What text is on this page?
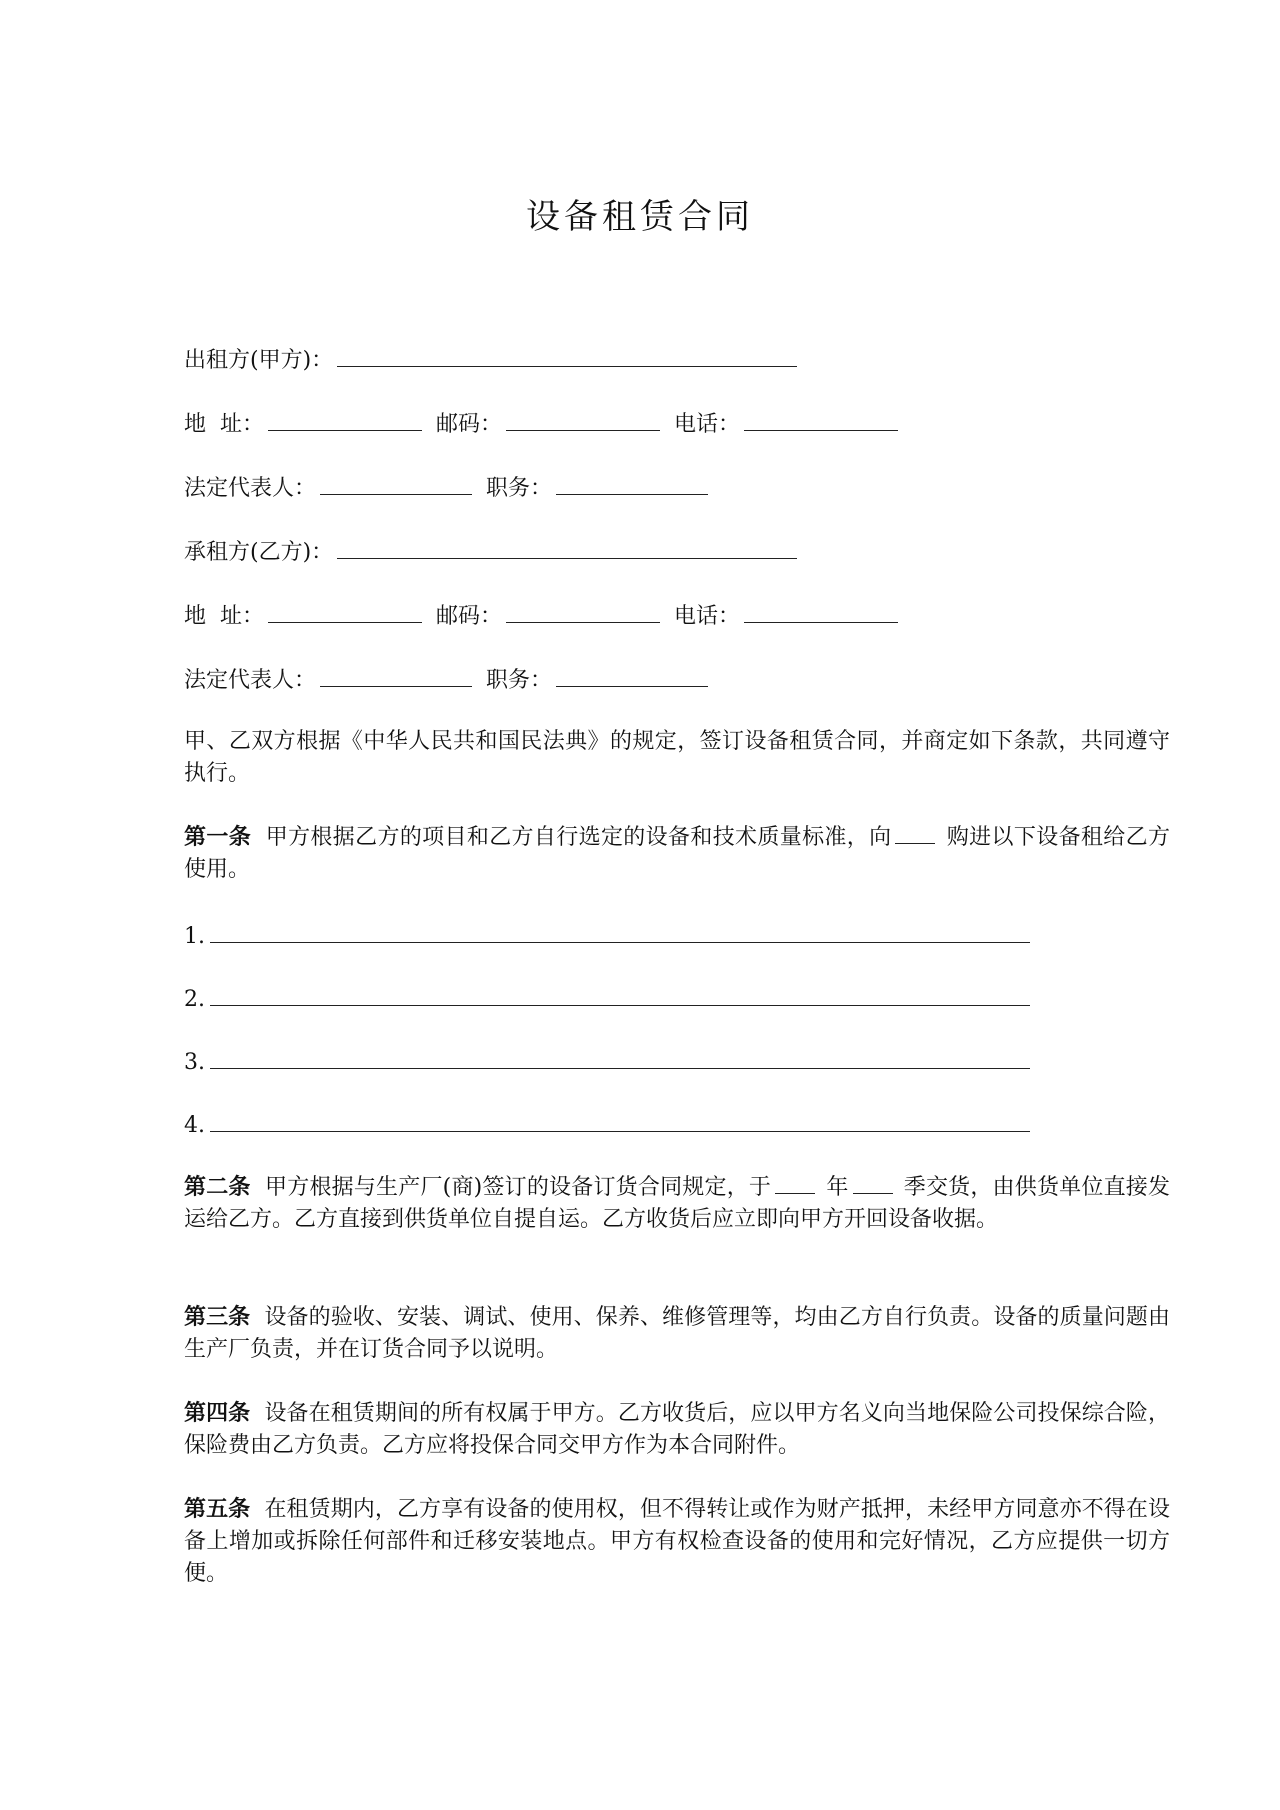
设备租赁合同
出租方(甲方)：
地  址：	邮码：	电话：
法定代表人：	职务：
承租方(乙方)：
地  址：	邮码：	电话：
法定代表人：	职务：
甲、乙双方根据《中华人民共和国民法典》的规定，签订设备租赁合同，并商定如下条款，共同遵守执行。
第一条 甲方根据乙方的项目和乙方自行选定的设备和技术质量标准，向	购进以下设备租给乙方使用。
1.
2.
3.
4.
第二条 甲方根据与生产厂(商)签订的设备订货合同规定，于	年	季交货，由供货单位直接发运给乙方。乙方直接到供货单位自提自运。乙方收货后应立即向甲方开回设备收据。
第三条 设备的验收、安装、调试、使用、保养、维修管理等，均由乙方自行负责。设备的质量问题由生产厂负责，并在订货合同予以说明。
第四条 设备在租赁期间的所有权属于甲方。乙方收货后，应以甲方名义向当地保险公司投保综合险，保险费由乙方负责。乙方应将投保合同交甲方作为本合同附件。
第五条 在租赁期内，乙方享有设备的使用权，但不得转让或作为财产抵押，未经甲方同意亦不得在设备上增加或拆除任何部件和迁移安装地点。甲方有权检查设备的使用和完好情况，乙方应提供一切方便。
